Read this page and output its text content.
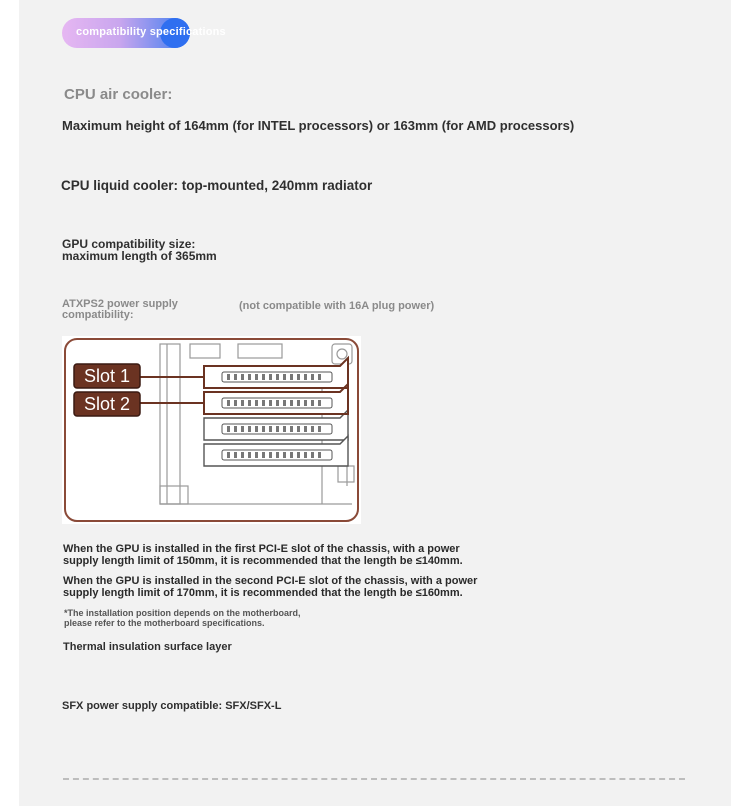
compatibility specifications
CPU air cooler:
Maximum height of 164mm (for INTEL processors) or 163mm (for AMD processors)
CPU liquid cooler: top-mounted, 240mm radiator
GPU compatibility size:
maximum length of 365mm
ATXPS2 power supply
compatibility:
(not compatible with 16A plug power)
Slot 1
Slot 2
When the GPU is installed in the first PCI-E slot of the chassis, with a power
supply length limit of 150mm, it is recommended that the length be ≤140mm.
When the GPU is installed in the second PCI-E slot of the chassis, with a power
supply length limit of 170mm, it is recommended that the length be ≤160mm.
*The installation position depends on the motherboard,
please refer to the motherboard specifications.
Thermal insulation surface layer
SFX power supply compatible: SFX/SFX-L
